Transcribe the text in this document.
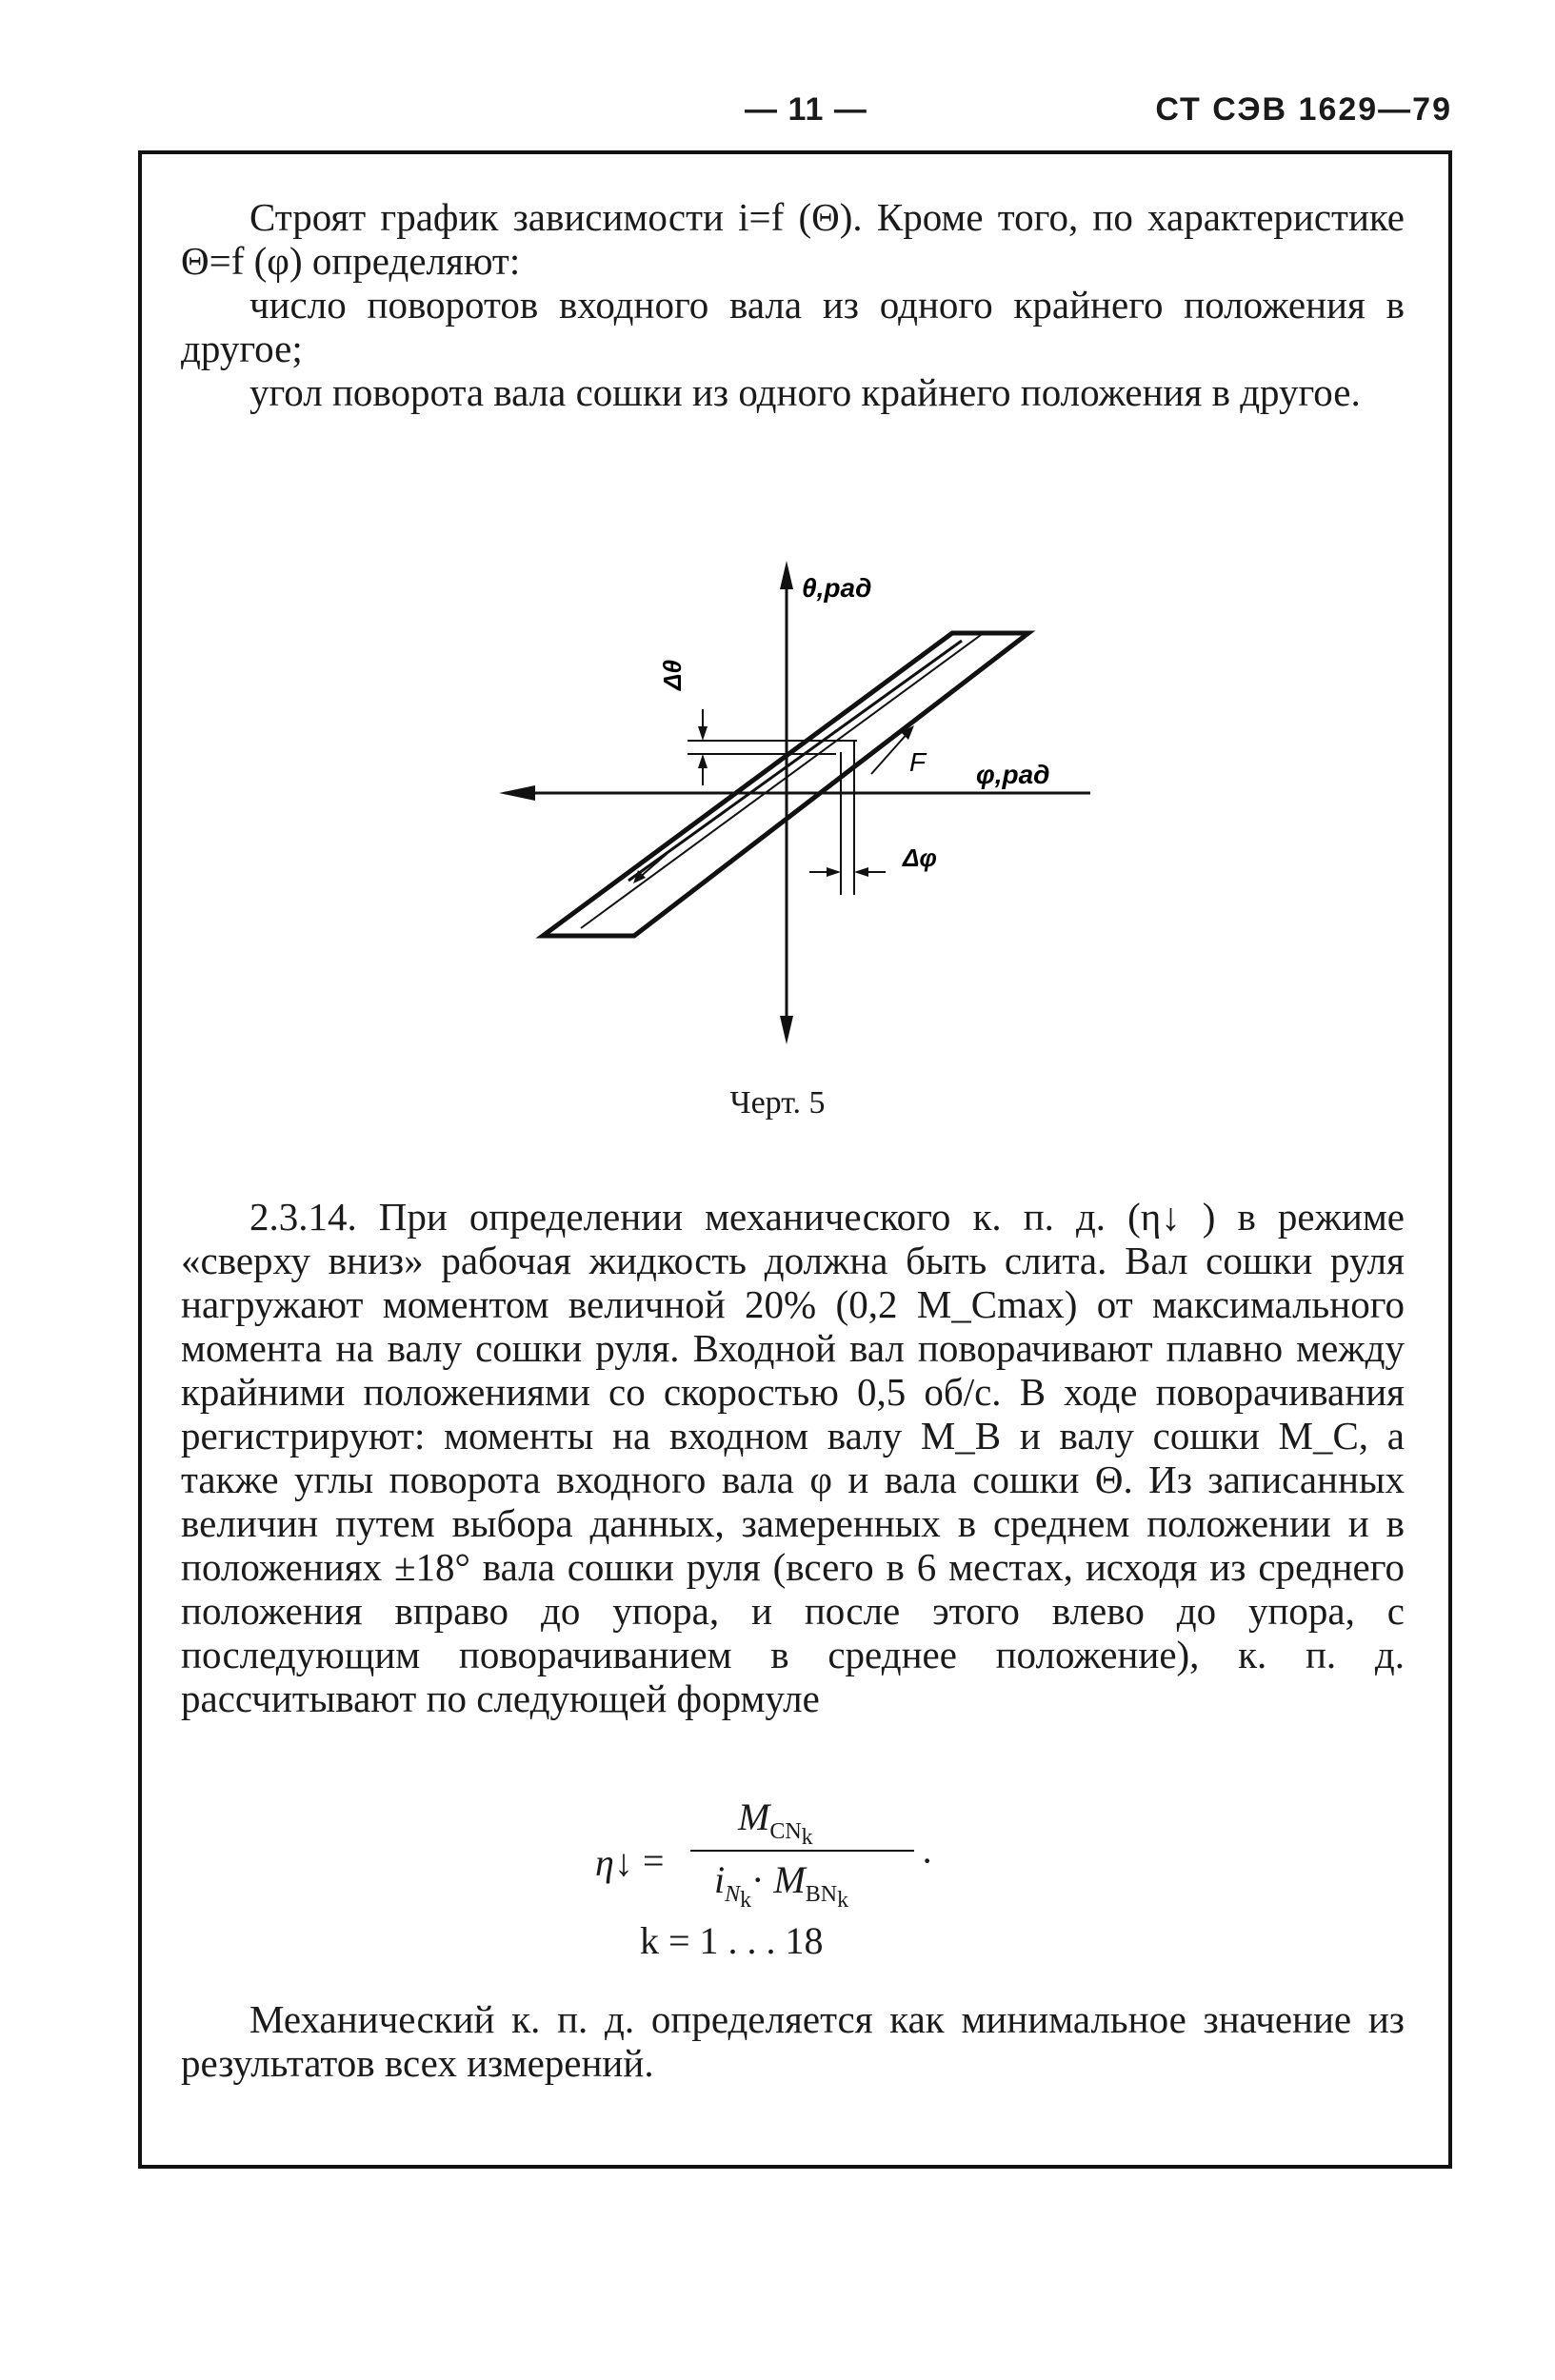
— 11 —	СТ СЭВ 1629—79

Строят график зависимости i=f (Θ). Кроме того, по характеристике Θ=f (φ) определяют:

число поворотов входного вала из одного крайнего положения в другое;

угол поворота вала сошки из одного крайнего положения в другое.

Δθ
Δφ
F
θ,рад
φ,рад
Черт. 5

2.3.14. При определении механического к. п. д. (η↓ ) в режиме «сверху вниз» рабочая жидкость должна быть слита. Вал сошки руля нагружают моментом величной 20% (0,2 M_Cmax) от максимального момента на валу сошки руля. Входной вал поворачивают плавно между крайними положениями со скоростью 0,5 об/с. В ходе поворачивания регистрируют: моменты на входном валу M_B и валу сошки M_C, а также углы поворота входного вала φ и вала сошки Θ. Из записанных величин путем выбора данных, замеренных в среднем положении и в положениях ±18° вала сошки руля (всего в 6 местах, исходя из среднего положения вправо до упора, и после этого влево до упора, с последующим поворачиванием в среднее положение), к. п. д. рассчитывают по следующей формуле

η↓ =
$M_{CN_k}$
$i_{N_k}\cdot M_{BN_k}$
·
k = 1 . . . 18

Механический к. п. д. определяется как минимальное значение из результатов всех измерений.
